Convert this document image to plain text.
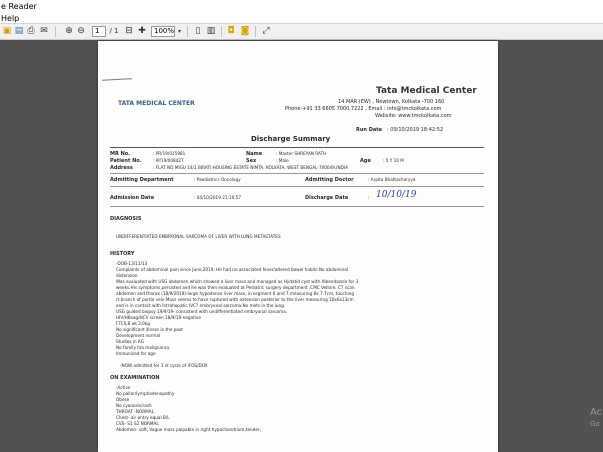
e Reader
Help
▣ ▤ ⎙ ✉ ⊕ ⊖	1	/ 1 ⊟ ✚	100% ▾	▯ ▥ ◘ ◙ ⤢
TATA MEDICAL CENTER
Tata Medical Center
14 MAR (EW) , Newtown, Kolkata -700 160
Phone:+91 33 6605 7000,7222 , Email : info@tmckolkata.com
Website: www.tmckolkata.com
Run Date : 09/10/2019 18:42:52
Discharge Summary
MR No.	: PR/19/015981	Name	: Master SHREYAN RATH
Patient No.	: IP/19/008427	Sex	: Male	Age	: 5 Y 10 M
Address	: FLAT NO MIGU 14/1 BIRATI HOUSING ESTATE NIMTA, KOLKATA, WEST BENGAL-700049,INDIA
Admitting Department	: Paediatrics Oncology	Admitting Doctor	: Arpita Bhattacharyya
Admission Date	: 04/10/2019 21:10:57	Discharge Date	: 10/10/19
DIAGNOSIS
UNDIFFERENTIATED EMBRYONAL SARCOMA OF LIVER WITH LUNG METASTATES
HISTORY
-DOB-13/11/13
Complaints of abdominal pain since June,2019. He had no associated fever/altered bowel habits.No abdominal
distension.
Was evaluated with USG abdomen which showed a liver mass and managed as Hydatid cyst with Albendazole for 3
weeks.His symptoms persisted and he was then evaluated at Pediatric surgery department ,CMC Vellore, CT scan
abdomen and thorax (18/9/2019)-large hypodense liver mass, in segment 6 and 7 measuring 8x 7.7cm, touching
rt.branch of portal vein.Mass seems to have ruptured with extension posterior to the liver measuring 10x6x13cm
and is in contact with Intrahepatic IVC? embryonal sarcoma.No mets in the lung.
USG guided biopsy 19/9/19- consistent with undifferentiated embryonal sarcoma.
HIV/HBsag/HCV screen 18/9/19-negative
FTCS,B wt 3.0kg
No significant illness in the past
Development normal
Studies in KG
No family h/o malignancy
Immunized for age
-NOW admitted for 1 st cycle of IFOS/DOX
ON EXAMINATION
-Active
No pallor/lymphadenopathy
Obese
No cyanosis/rash
THROAT -NORMAL
Chest- air entry equal B/L
CVS- S1 S2 NORMAL
Abdomen- soft, Vague mass palpable in right hypochondrium,tender,
Ac
Go
